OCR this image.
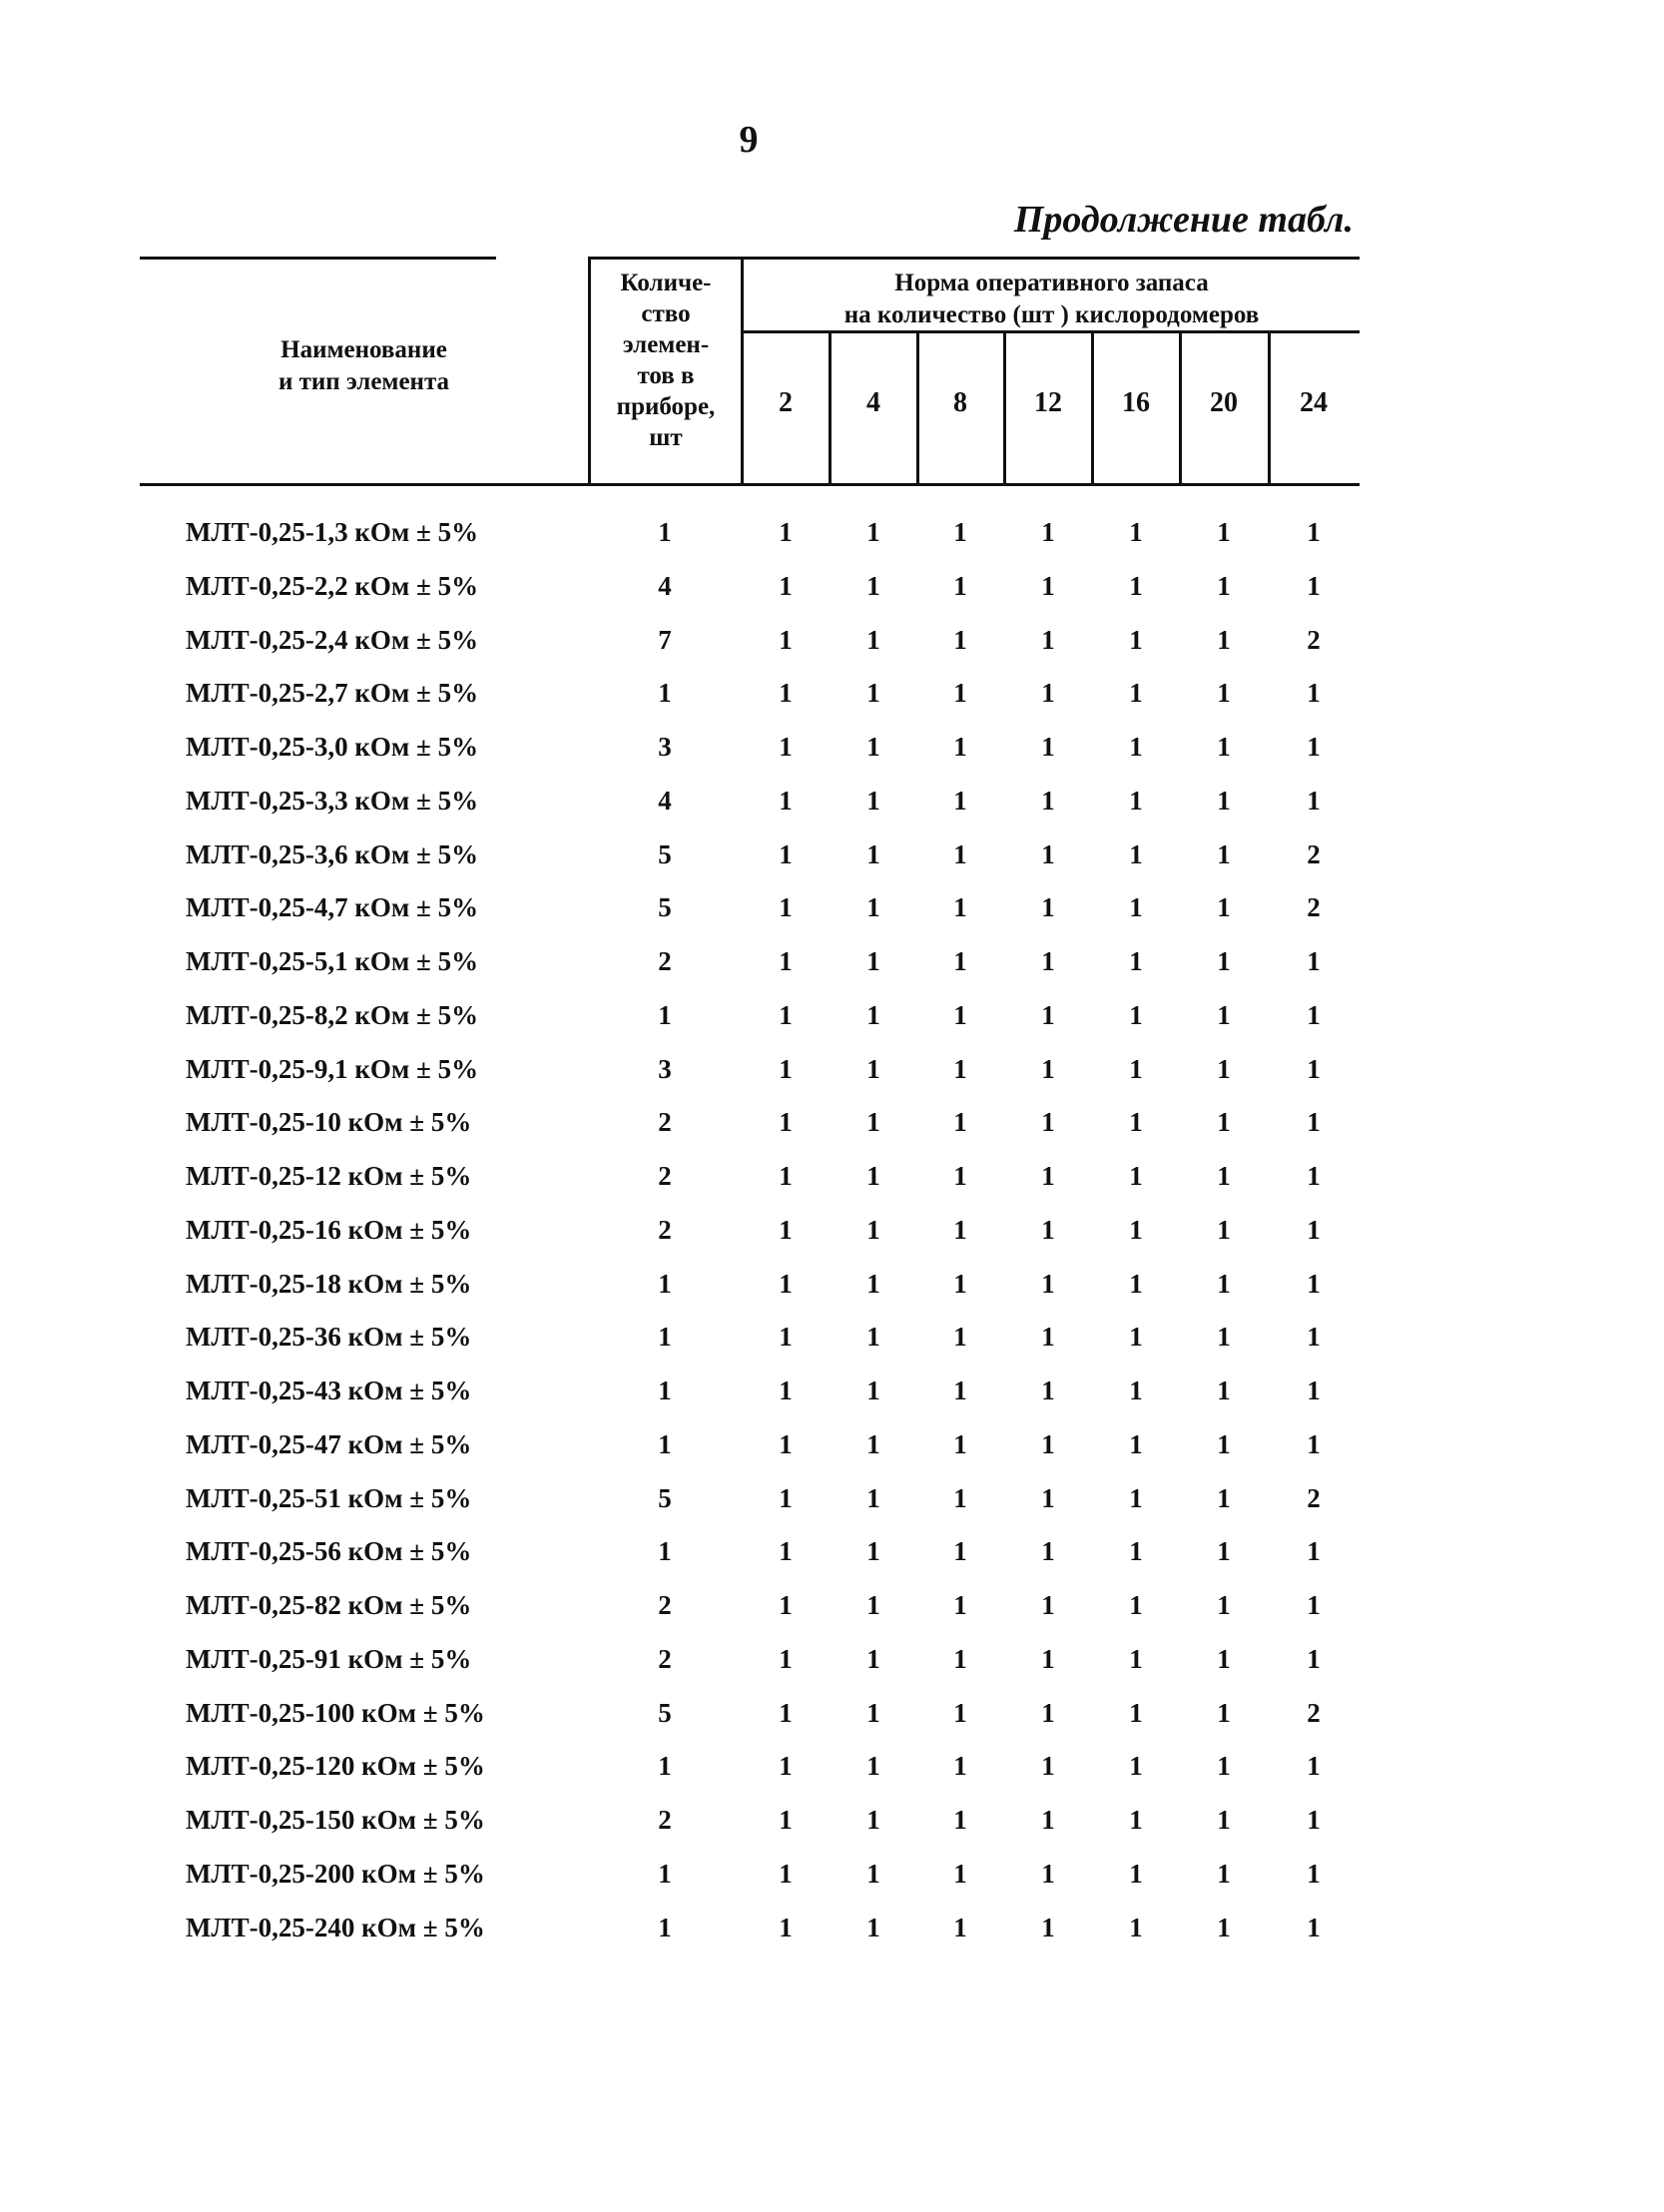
9
Продолжение табл.
Наименование
и тип элемента
Количе-
ство
элемен-
тов в
приборе,
шт
Норма оперативного запаса
на количество (шт ) кислородомеров
2	4	8	12	16	20	24
МЛТ-0,25-1,3 кОм ± 5%	1	1	1	1	1	1	1	1
МЛТ-0,25-2,2 кОм ± 5%	4	1	1	1	1	1	1	1
МЛТ-0,25-2,4 кОм ± 5%	7	1	1	1	1	1	1	2
МЛТ-0,25-2,7 кОм ± 5%	1	1	1	1	1	1	1	1
МЛТ-0,25-3,0 кОм ± 5%	3	1	1	1	1	1	1	1
МЛТ-0,25-3,3 кОм ± 5%	4	1	1	1	1	1	1	1
МЛТ-0,25-3,6 кОм ± 5%	5	1	1	1	1	1	1	2
МЛТ-0,25-4,7 кОм ± 5%	5	1	1	1	1	1	1	2
МЛТ-0,25-5,1 кОм ± 5%	2	1	1	1	1	1	1	1
МЛТ-0,25-8,2 кОм ± 5%	1	1	1	1	1	1	1	1
МЛТ-0,25-9,1 кОм ± 5%	3	1	1	1	1	1	1	1
МЛТ-0,25-10 кОм ± 5%	2	1	1	1	1	1	1	1
МЛТ-0,25-12 кОм ± 5%	2	1	1	1	1	1	1	1
МЛТ-0,25-16 кОм ± 5%	2	1	1	1	1	1	1	1
МЛТ-0,25-18 кОм ± 5%	1	1	1	1	1	1	1	1
МЛТ-0,25-36 кОм ± 5%	1	1	1	1	1	1	1	1
МЛТ-0,25-43 кОм ± 5%	1	1	1	1	1	1	1	1
МЛТ-0,25-47 кОм ± 5%	1	1	1	1	1	1	1	1
МЛТ-0,25-51 кОм ± 5%	5	1	1	1	1	1	1	2
МЛТ-0,25-56 кОм ± 5%	1	1	1	1	1	1	1	1
МЛТ-0,25-82 кОм ± 5%	2	1	1	1	1	1	1	1
МЛТ-0,25-91 кОм ± 5%	2	1	1	1	1	1	1	1
МЛТ-0,25-100 кОм ± 5%	5	1	1	1	1	1	1	2
МЛТ-0,25-120 кОм ± 5%	1	1	1	1	1	1	1	1
МЛТ-0,25-150 кОм ± 5%	2	1	1	1	1	1	1	1
МЛТ-0,25-200 кОм ± 5%	1	1	1	1	1	1	1	1
МЛТ-0,25-240 кОм ± 5%	1	1	1	1	1	1	1	1
